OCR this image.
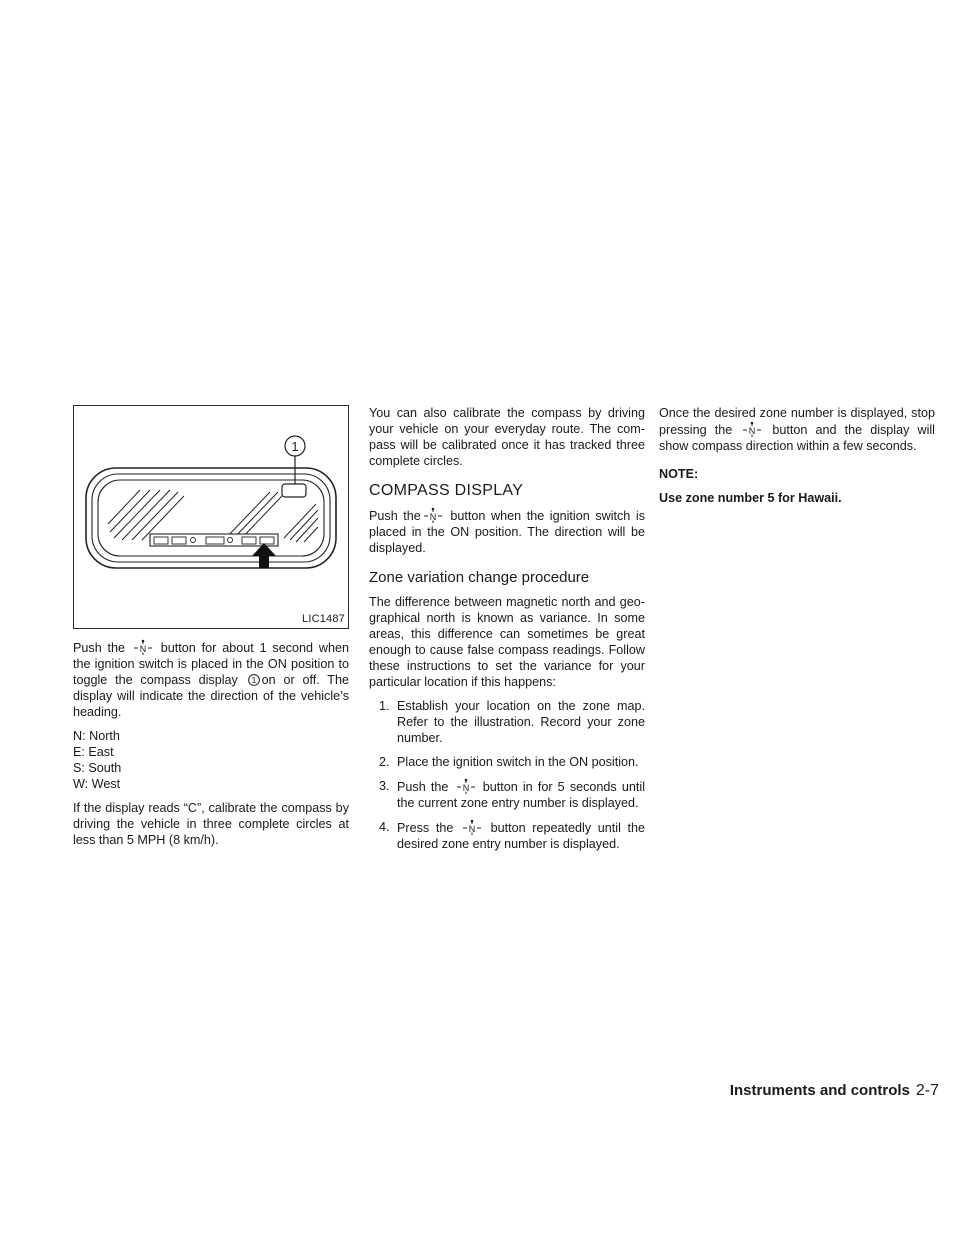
1
LIC1487

Push the N button for about 1 second when the ignition switch is placed in the ON position to toggle the compass display 1 on or off. The display will indicate the direction of the vehicle’s heading.

N: North
E: East
S: South
W: West

If the display reads “C”, calibrate the compass by driving the vehicle in three complete circles at less than 5 MPH (8 km/h).

You can also calibrate the compass by driving your vehicle on your everyday route. The com-pass will be calibrated once it has tracked three complete circles.

COMPASS DISPLAY

Push the N button when the ignition switch is placed in the ON position. The direction will be displayed.

Zone variation change procedure

The difference between magnetic north and geo-graphical north is known as variance. In some areas, this difference can sometimes be great enough to cause false compass readings. Follow these instructions to set the variance for your particular location if this happens:

1. Establish your location on the zone map. Refer to the illustration. Record your zone number.
2. Place the ignition switch in the ON position.
3. Push the N button in for 5 seconds until the current zone entry number is displayed.
4. Press the N button repeatedly until the desired zone entry number is displayed.

Once the desired zone number is displayed, stop pressing the N button and the display will show compass direction within a few seconds.

NOTE:
Use zone number 5 for Hawaii.
Instruments and controls 2-7
